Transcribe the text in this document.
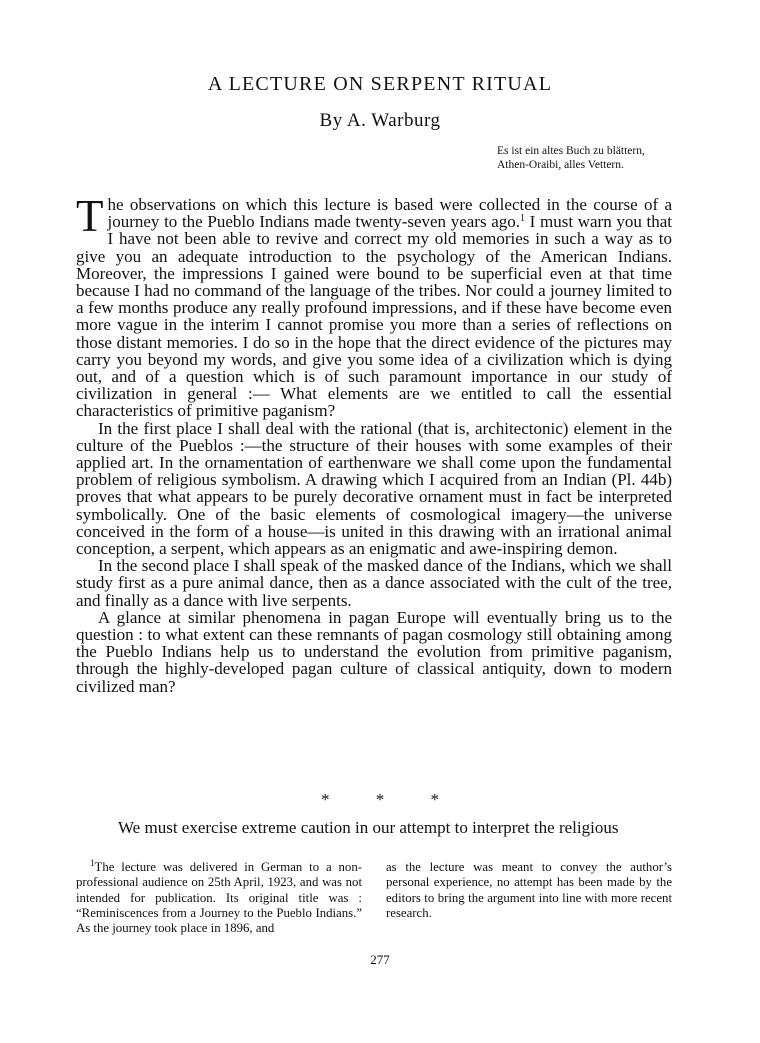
A LECTURE ON SERPENT RITUAL
By A. Warburg
Es ist ein altes Buch zu blättern,
Athen-Oraibi, alles Vettern.

The observations on which this lecture is based were collected in the course of a journey to the Pueblo Indians made twenty-seven years ago.$^1$ I must warn you that I have not been able to revive and correct my old memories in such a way as to give you an adequate introduction to the psychology of the American Indians. Moreover, the impressions I gained were bound to be superficial even at that time because I had no command of the language of the tribes. Nor could a journey limited to a few months produce any really profound impressions, and if these have become even more vague in the interim I cannot promise you more than a series of reflections on those distant memories. I do so in the hope that the direct evidence of the pictures may carry you beyond my words, and give you some idea of a civilization which is dying out, and of a question which is of such paramount importance in our study of civilization in general :— What elements are we entitled to call the essential characteristics of primitive paganism?

In the first place I shall deal with the rational (that is, architectonic) element in the culture of the Pueblos :—the structure of their houses with some examples of their applied art. In the ornamentation of earthenware we shall come upon the fundamental problem of religious symbolism. A drawing which I acquired from an Indian (Pl. 44b) proves that what appears to be purely decorative ornament must in fact be interpreted symbolically. One of the basic elements of cosmological imagery—the universe conceived in the form of a house—is united in this drawing with an irrational animal conception, a serpent, which appears as an enigmatic and awe-inspiring demon.

In the second place I shall speak of the masked dance of the Indians, which we shall study first as a pure animal dance, then as a dance associated with the cult of the tree, and finally as a dance with live serpents.

A glance at similar phenomena in pagan Europe will eventually bring us to the question : to what extent can these remnants of pagan cosmology still obtaining among the Pueblo Indians help us to understand the evolution from primitive paganism, through the highly-developed pagan culture of classical antiquity, down to modern civilized man?

* * *
We must exercise extreme caution in our attempt to interpret the religious

$^1$The lecture was delivered in German to a non-professional audience on 25th April, 1923, and was not intended for publication. Its original title was : “Reminiscences from a Journey to the Pueblo Indians.” As the journey took place in 1896, and

as the lecture was meant to convey the author’s personal experience, no attempt has been made by the editors to bring the argument into line with more recent research.

277
